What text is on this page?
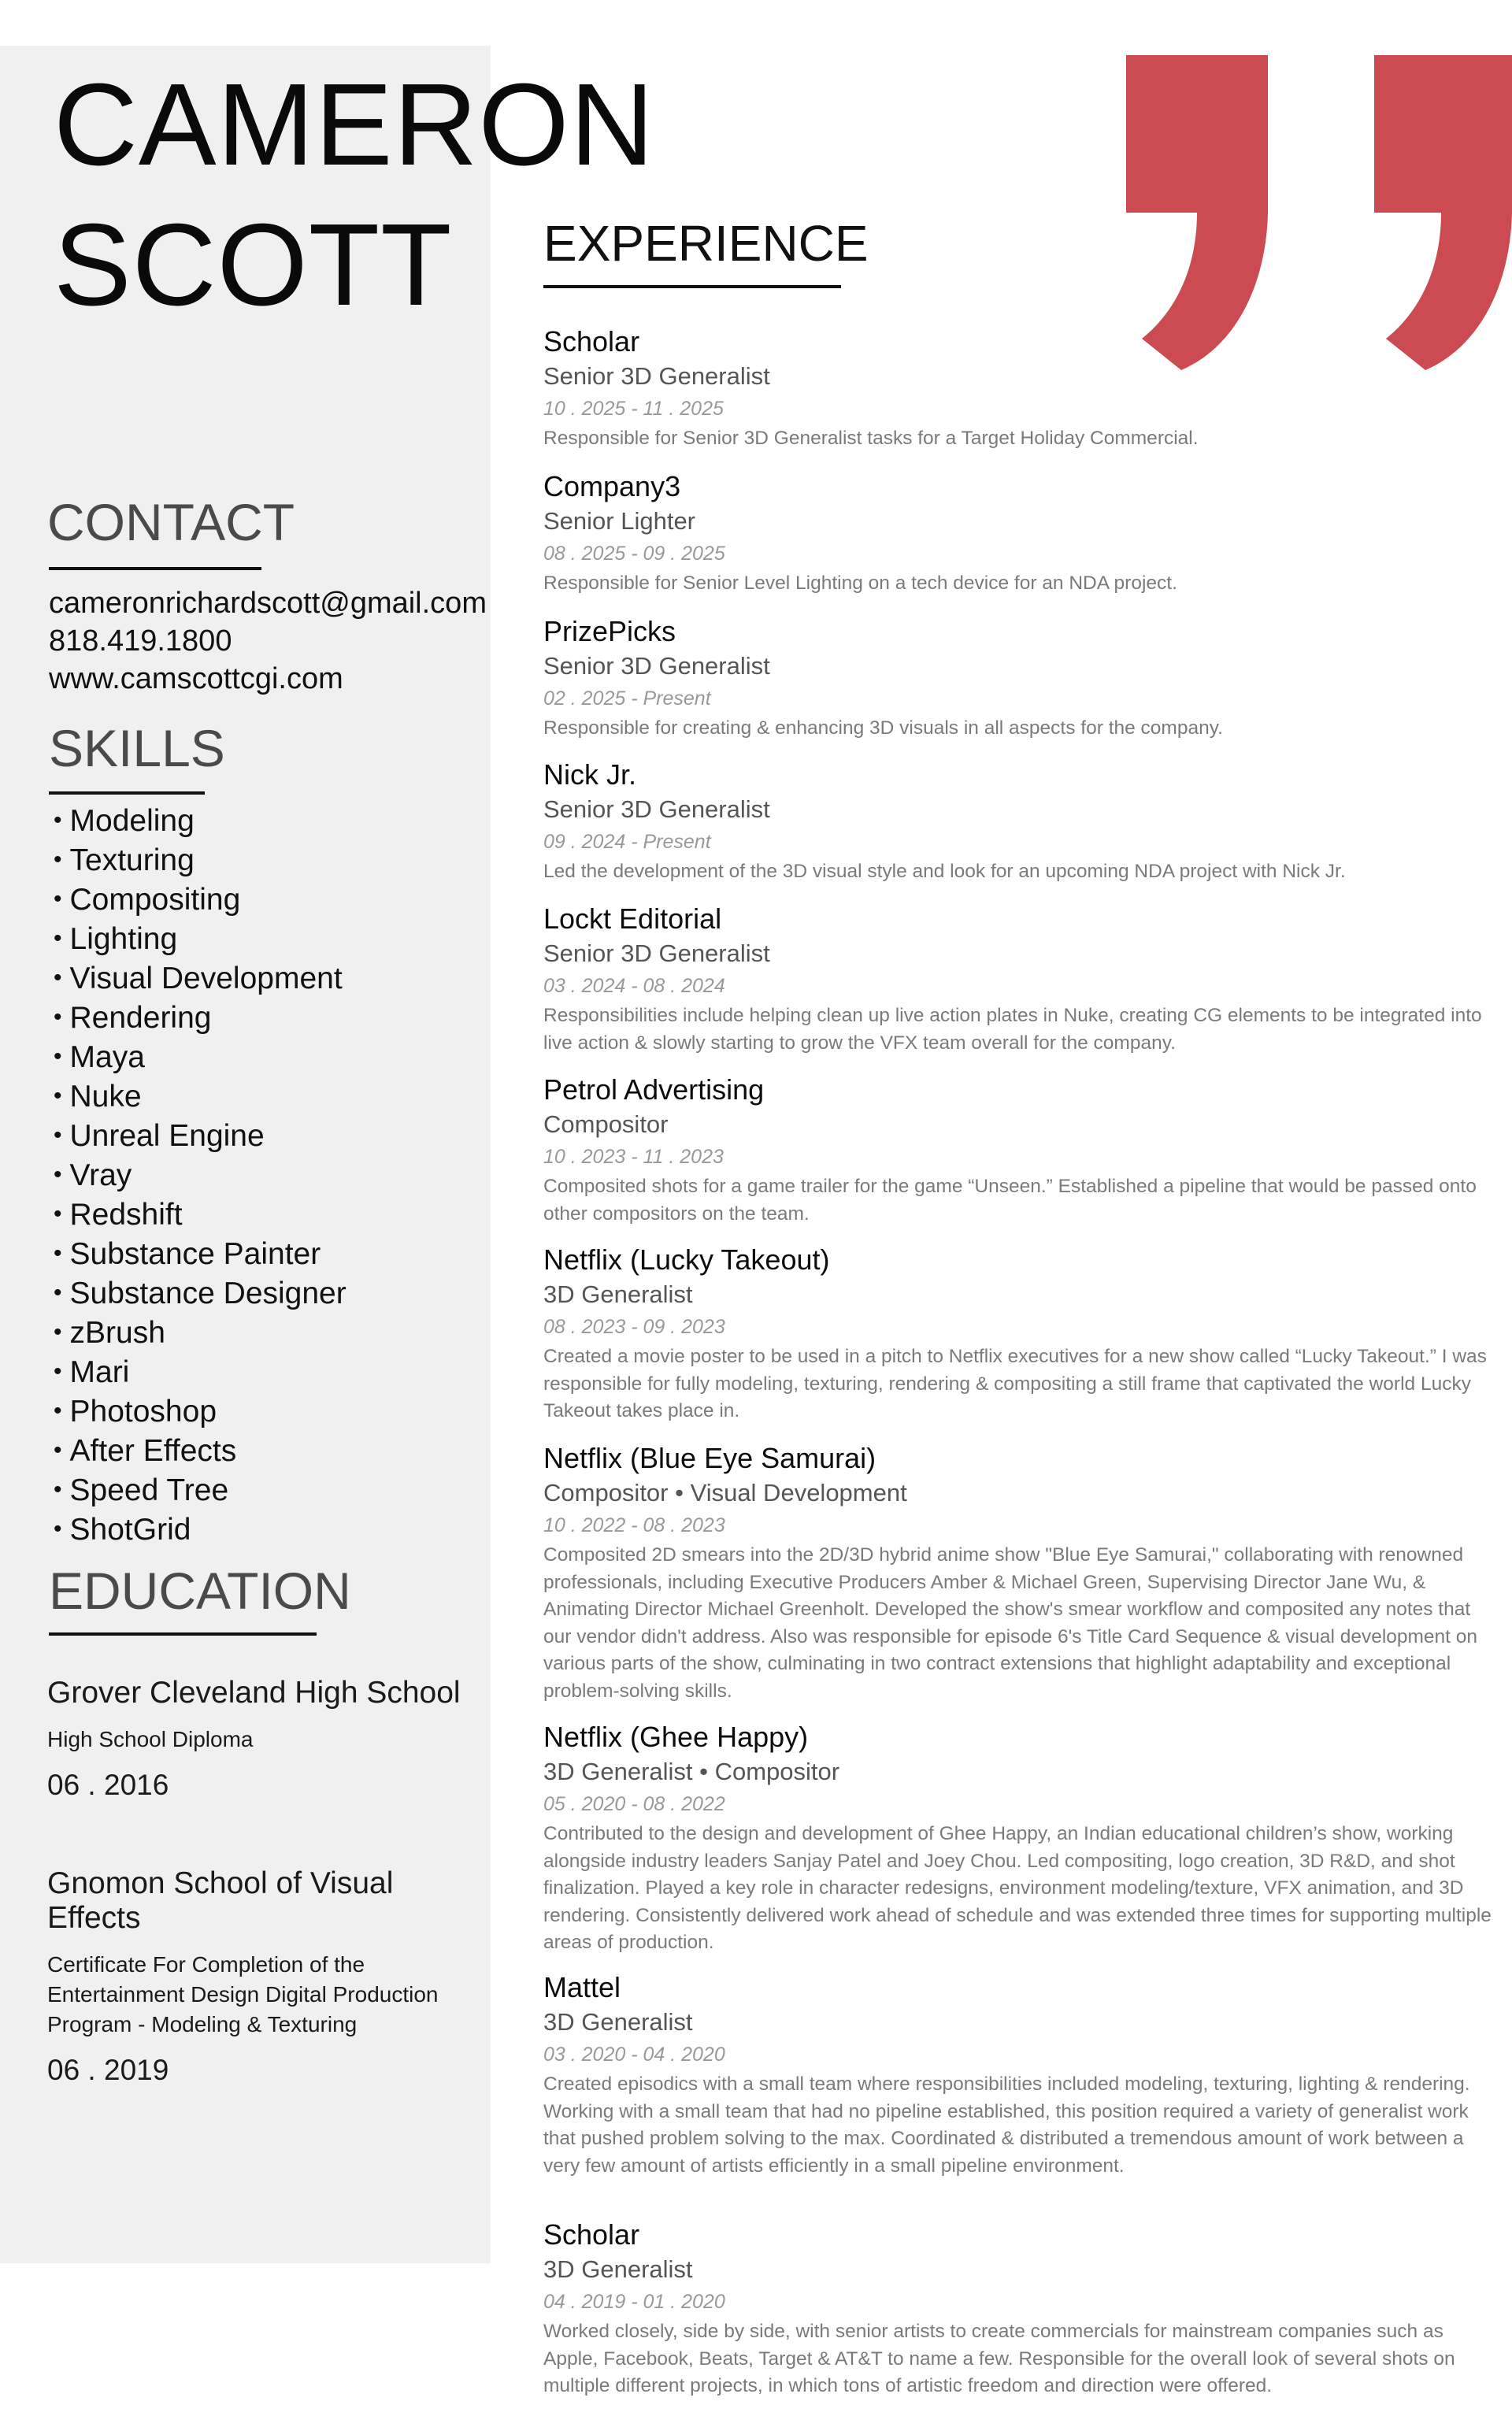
CAMERON
SCOTT
CONTACT
cameronrichardscott@gmail.com
818.419.1800
www.camscottcgi.com
SKILLS
• Modeling
• Texturing
• Compositing
• Lighting
• Visual Development
• Rendering
• Maya
• Nuke
• Unreal Engine
• Vray
• Redshift
• Substance Painter
• Substance Designer
• zBrush
• Mari
• Photoshop
• After Effects
• Speed Tree
• ShotGrid
EDUCATION
Grover Cleveland High School
High School Diploma
06 . 2016
Gnomon School of Visual Effects
Certificate For Completion of the Entertainment Design Digital Production Program - Modeling & Texturing
06 . 2019
EXPERIENCE
Scholar
Senior 3D Generalist
10 . 2025 - 11 . 2025
Responsible for Senior 3D Generalist tasks for a Target Holiday Commercial.
Company3
Senior Lighter
08 . 2025 - 09 . 2025
Responsible for Senior Level Lighting on a tech device for an NDA project.
PrizePicks
Senior 3D Generalist
02 . 2025 - Present
Responsible for creating & enhancing 3D visuals in all aspects for the company.
Nick Jr.
Senior 3D Generalist
09 . 2024 - Present
Led the development of the 3D visual style and look for an upcoming NDA project with Nick Jr.
Lockt Editorial
Senior 3D Generalist
03 . 2024 - 08 . 2024
Responsibilities include helping clean up live action plates in Nuke, creating CG elements to be integrated into live action & slowly starting to grow the VFX team overall for the company.
Petrol Advertising
Compositor
10 . 2023 - 11 . 2023
Composited shots for a game trailer for the game “Unseen.” Established a pipeline that would be passed onto other compositors on the team.
Netflix (Lucky Takeout)
3D Generalist
08 . 2023 - 09 . 2023
Created a movie poster to be used in a pitch to Netflix executives for a new show called “Lucky Takeout.” I was responsible for fully modeling, texturing, rendering & compositing a still frame that captivated the world Lucky Takeout takes place in.
Netflix (Blue Eye Samurai)
Compositor • Visual Development
10 . 2022 - 08 . 2023
Composited 2D smears into the 2D/3D hybrid anime show "Blue Eye Samurai," collaborating with renowned professionals, including Executive Producers Amber & Michael Green, Supervising Director Jane Wu, & Animating Director Michael Greenholt. Developed the show's smear workflow and composited any notes that our vendor didn't address. Also was responsible for episode 6's Title Card Sequence & visual development on various parts of the show, culminating in two contract extensions that highlight adaptability and exceptional problem-solving skills.
Netflix (Ghee Happy)
3D Generalist • Compositor
05 . 2020 - 08 . 2022
Contributed to the design and development of Ghee Happy, an Indian educational children’s show, working alongside industry leaders Sanjay Patel and Joey Chou. Led compositing, logo creation, 3D R&D, and shot finalization. Played a key role in character redesigns, environment modeling/texture, VFX animation, and 3D rendering. Consistently delivered work ahead of schedule and was extended three times for supporting multiple areas of production.
Mattel
3D Generalist
03 . 2020 - 04 . 2020
Created episodics with a small team where responsibilities included modeling, texturing, lighting & rendering. Working with a small team that had no pipeline established, this position required a variety of generalist work that pushed problem solving to the max. Coordinated & distributed a tremendous amount of work between a very few amount of artists efficiently in a small pipeline environment.
Scholar
3D Generalist
04 . 2019 - 01 . 2020
Worked closely, side by side, with senior artists to create commercials for mainstream companies such as Apple, Facebook, Beats, Target & AT&T to name a few. Responsible for the overall look of several shots on multiple different projects, in which tons of artistic freedom and direction were offered.
